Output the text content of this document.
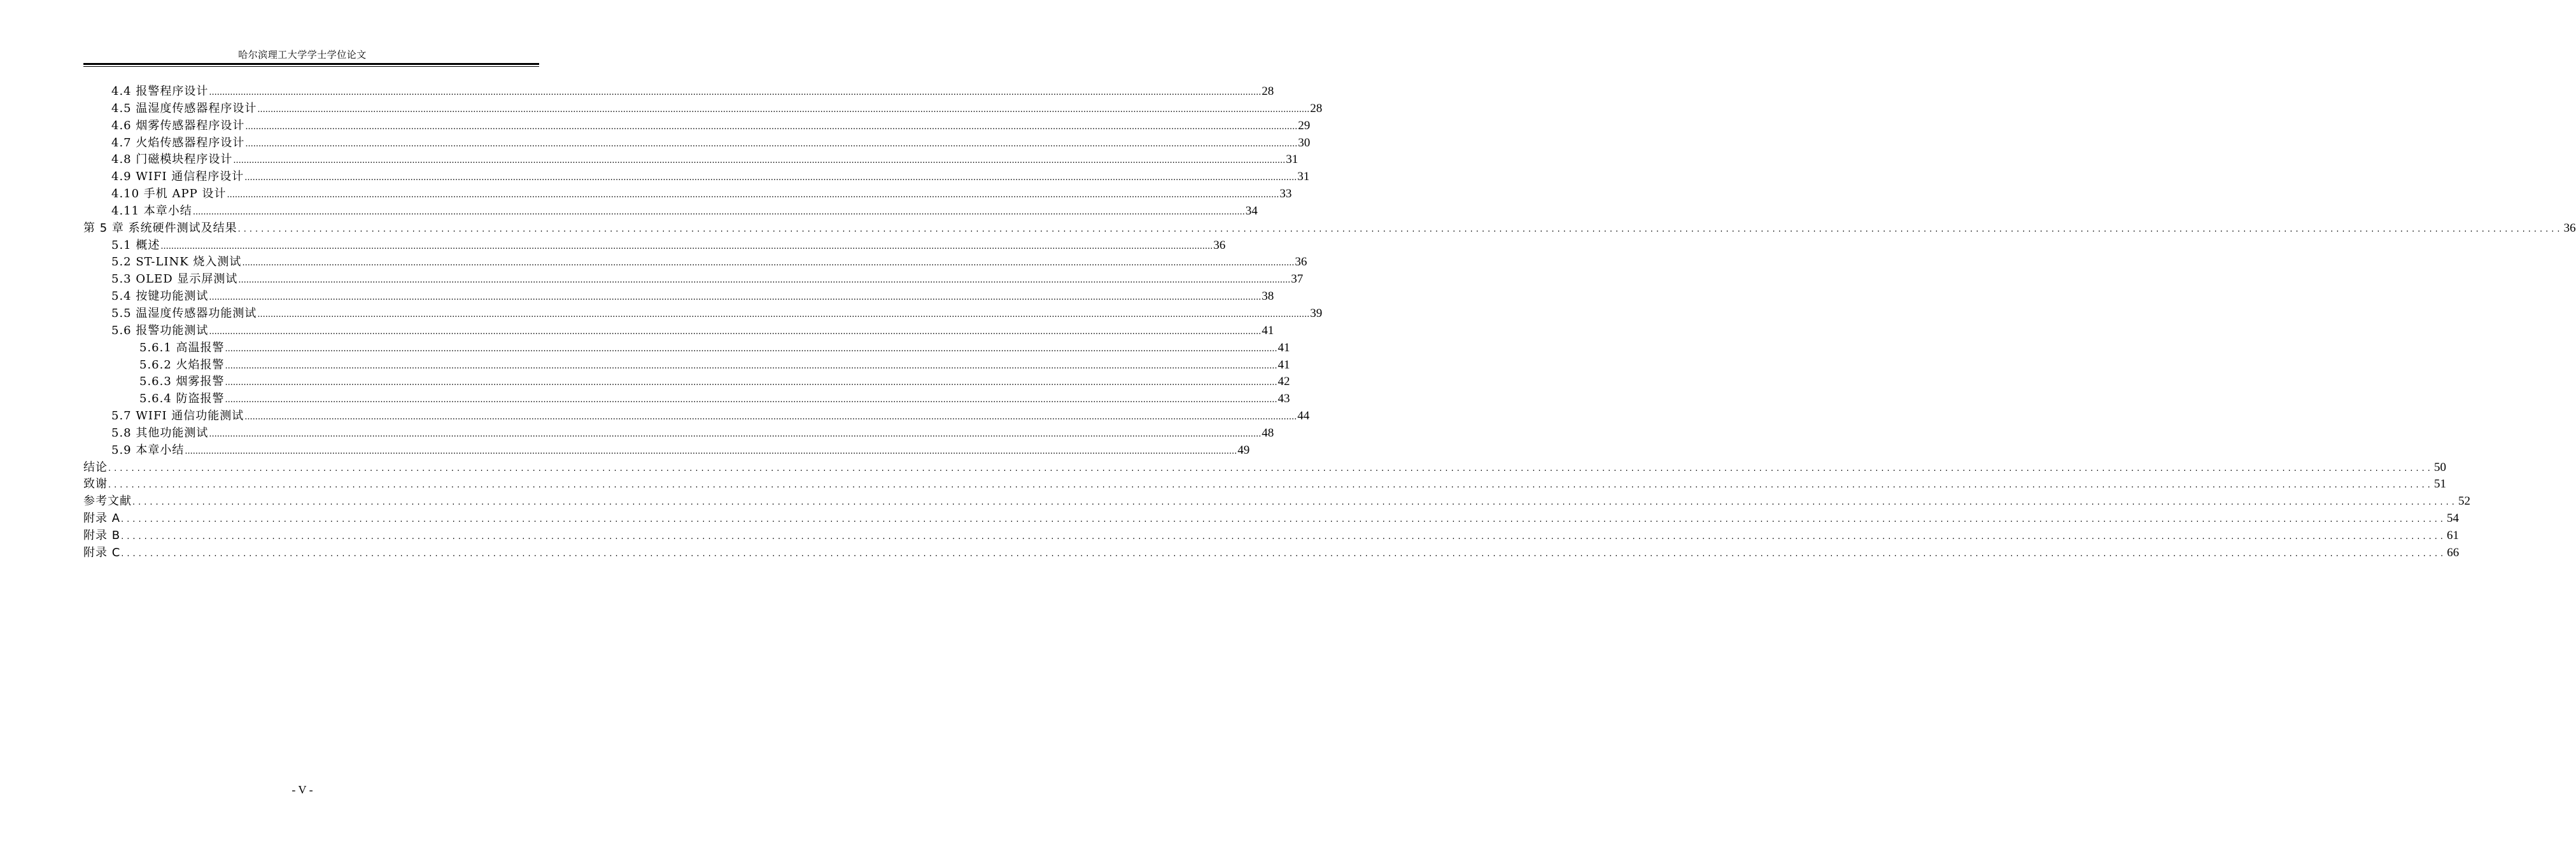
哈尔滨理工大学学士学位论文
4.4 报警程序设计 ................................................................................................................................................................................................................................................................................................................................................................................................................ 28
4.5 温湿度传感器程序设计 ................................................................................................................................................................................................................................................................................................................................................................................................................ 28
4.6 烟雾传感器程序设计 ................................................................................................................................................................................................................................................................................................................................................................................................................ 29
4.7 火焰传感器程序设计 ................................................................................................................................................................................................................................................................................................................................................................................................................ 30
4.8 门磁模块程序设计 ................................................................................................................................................................................................................................................................................................................................................................................................................ 31
4.9 WIFI 通信程序设计 ................................................................................................................................................................................................................................................................................................................................................................................................................ 31
4.10 手机 APP 设计 ................................................................................................................................................................................................................................................................................................................................................................................................................ 33
4.11 本章小结 ................................................................................................................................................................................................................................................................................................................................................................................................................ 34
第 5 章 系统硬件测试及结果 ................................................................................................................................................................................................................................................................................................................................................................................................................ 36
5.1 概述 ................................................................................................................................................................................................................................................................................................................................................................................................................ 36
5.2 ST-LINK 烧入测试 ................................................................................................................................................................................................................................................................................................................................................................................................................ 36
5.3 OLED 显示屏测试 ................................................................................................................................................................................................................................................................................................................................................................................................................ 37
5.4 按键功能测试 ................................................................................................................................................................................................................................................................................................................................................................................................................ 38
5.5 温湿度传感器功能测试 ................................................................................................................................................................................................................................................................................................................................................................................................................ 39
5.6 报警功能测试 ................................................................................................................................................................................................................................................................................................................................................................................................................ 41
5.6.1 高温报警 ................................................................................................................................................................................................................................................................................................................................................................................................................ 41
5.6.2 火焰报警 ................................................................................................................................................................................................................................................................................................................................................................................................................ 41
5.6.3 烟雾报警 ................................................................................................................................................................................................................................................................................................................................................................................................................ 42
5.6.4 防盗报警 ................................................................................................................................................................................................................................................................................................................................................................................................................ 43
5.7 WIFI 通信功能测试 ................................................................................................................................................................................................................................................................................................................................................................................................................ 44
5.8 其他功能测试 ................................................................................................................................................................................................................................................................................................................................................................................................................ 48
5.9 本章小结 ................................................................................................................................................................................................................................................................................................................................................................................................................ 49
结论 ................................................................................................................................................................................................................................................................................................................................................................................................................ 50
致谢 ................................................................................................................................................................................................................................................................................................................................................................................................................ 51
参考文献 ................................................................................................................................................................................................................................................................................................................................................................................................................ 52
附录 A ................................................................................................................................................................................................................................................................................................................................................................................................................ 54
附录 B ................................................................................................................................................................................................................................................................................................................................................................................................................ 61
附录 C ................................................................................................................................................................................................................................................................................................................................................................................................................ 66
- V -
